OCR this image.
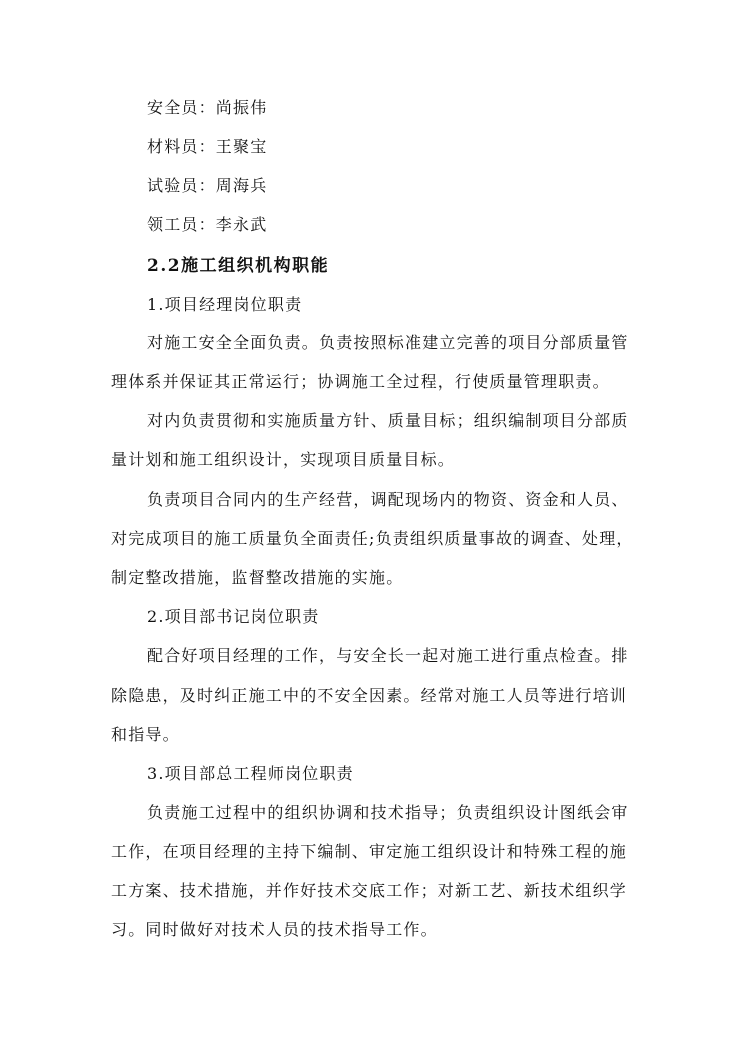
安全员：尚振伟
材料员：王聚宝
试验员：周海兵
领工员：李永武
2.2施工组织机构职能
1.项目经理岗位职责
对施工安全全面负责。负责按照标准建立完善的项目分部质量管
理体系并保证其正常运行；协调施工全过程，行使质量管理职责。
对内负责贯彻和实施质量方针、质量目标；组织编制项目分部质
量计划和施工组织设计，实现项目质量目标。
负责项目合同内的生产经营，调配现场内的物资、资金和人员、
对完成项目的施工质量负全面责任;负责组织质量事故的调查、处理，
制定整改措施，监督整改措施的实施。
2.项目部书记岗位职责
配合好项目经理的工作，与安全长一起对施工进行重点检查。排
除隐患，及时纠正施工中的不安全因素。经常对施工人员等进行培训
和指导。
3.项目部总工程师岗位职责
负责施工过程中的组织协调和技术指导；负责组织设计图纸会审
工作，在项目经理的主持下编制、审定施工组织设计和特殊工程的施
工方案、技术措施，并作好技术交底工作；对新工艺、新技术组织学
习。同时做好对技术人员的技术指导工作。
